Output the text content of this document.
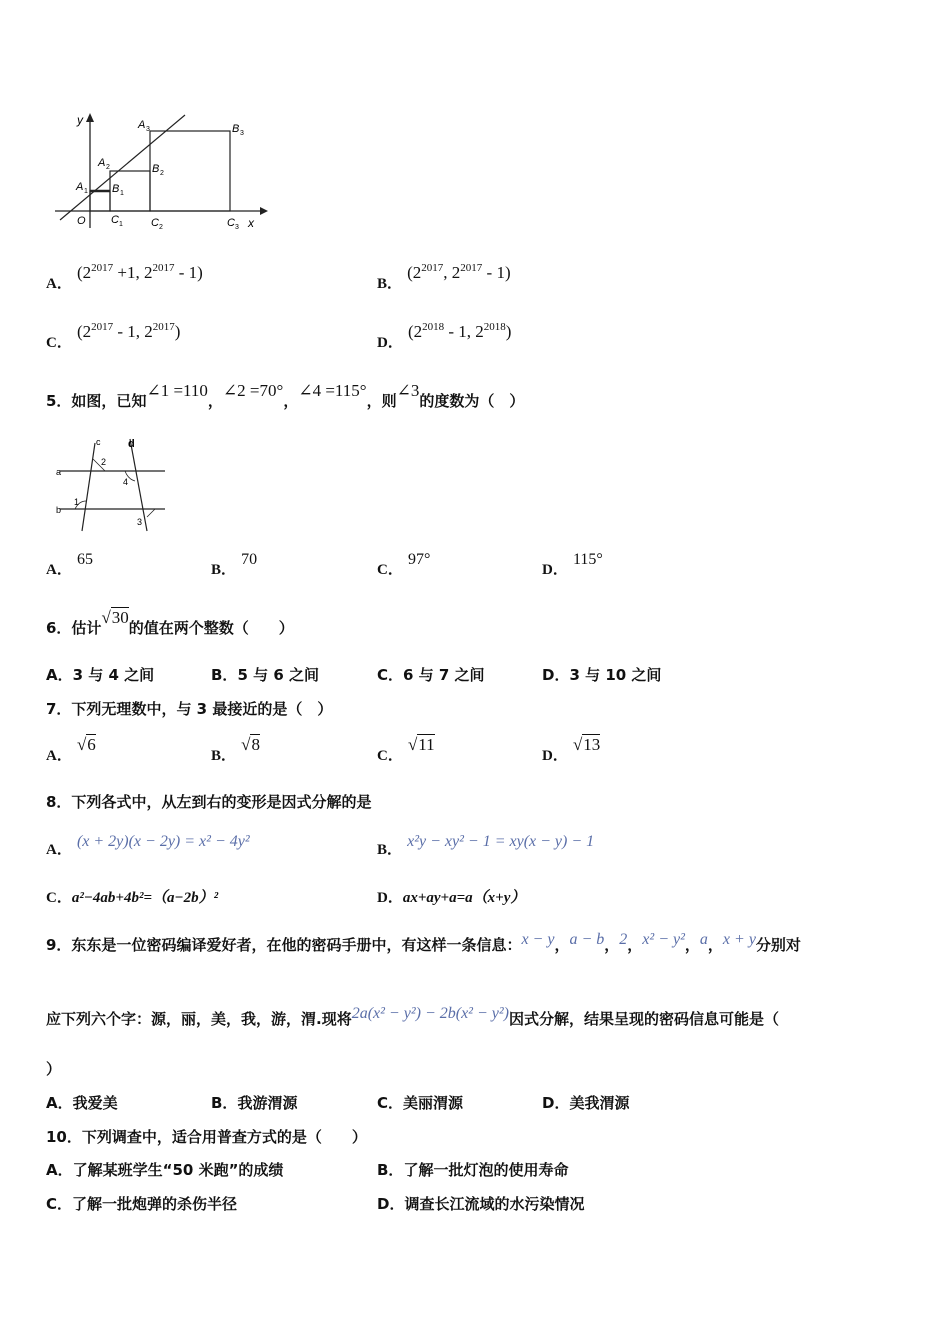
y
x
O
A 1
A 2
A 3
B 1
B 2
B 3
C 1	C 2	C 3
A． ($2^{2017} +1$, $2^{2017} - 1$)
B． ($2^{2017}$, $2^{2017} - 1$)
C． ($2^{2017} - 1$, $2^{2017}$)
D． ($2^{2018} - 1$, $2^{2018}$)
5．如图，已知∠1 =110，∠2 =70°，∠4 =115°，则∠3的度数为（　）
c	d
a
b
2
4
1
3
A． 65
B． 70
C． 97°
D． 115°
6．估计√30的值在两个整数（　　）
A．3 与 4 之间	B．5 与 6 之间	C．6 与 7 之间	D．3 与 10 之间
7．下列无理数中，与 3 最接近的是（　）
A． √6
B． √8
C． √11
D． √13
8．下列各式中，从左到右的变形是因式分解的是
A． (x + 2y)(x − 2y) = x² − 4y²	B． x²y − xy² − 1 = xy(x − y) − 1
C．a²−4ab+4b²=（a−2b）²	D．ax+ay+a=a（x+y）
9．东东是一位密码编译爱好者，在他的密码手册中，有这样一条信息：x − y，a − b，2，x² − y²，a，x + y分别对
应下列六个字：源，丽，美，我，游，渭.现将2a(x² − y²) − 2b(x² − y²)因式分解，结果呈现的密码信息可能是（
）
A．我爱美	B．我游渭源	C．美丽渭源	D．美我渭源
10．下列调查中，适合用普查方式的是（　　）
A．了解某班学生“50 米跑”的成绩	B．了解一批灯泡的使用寿命
C．了解一批炮弹的杀伤半径	D．调查长江流域的水污染情况
